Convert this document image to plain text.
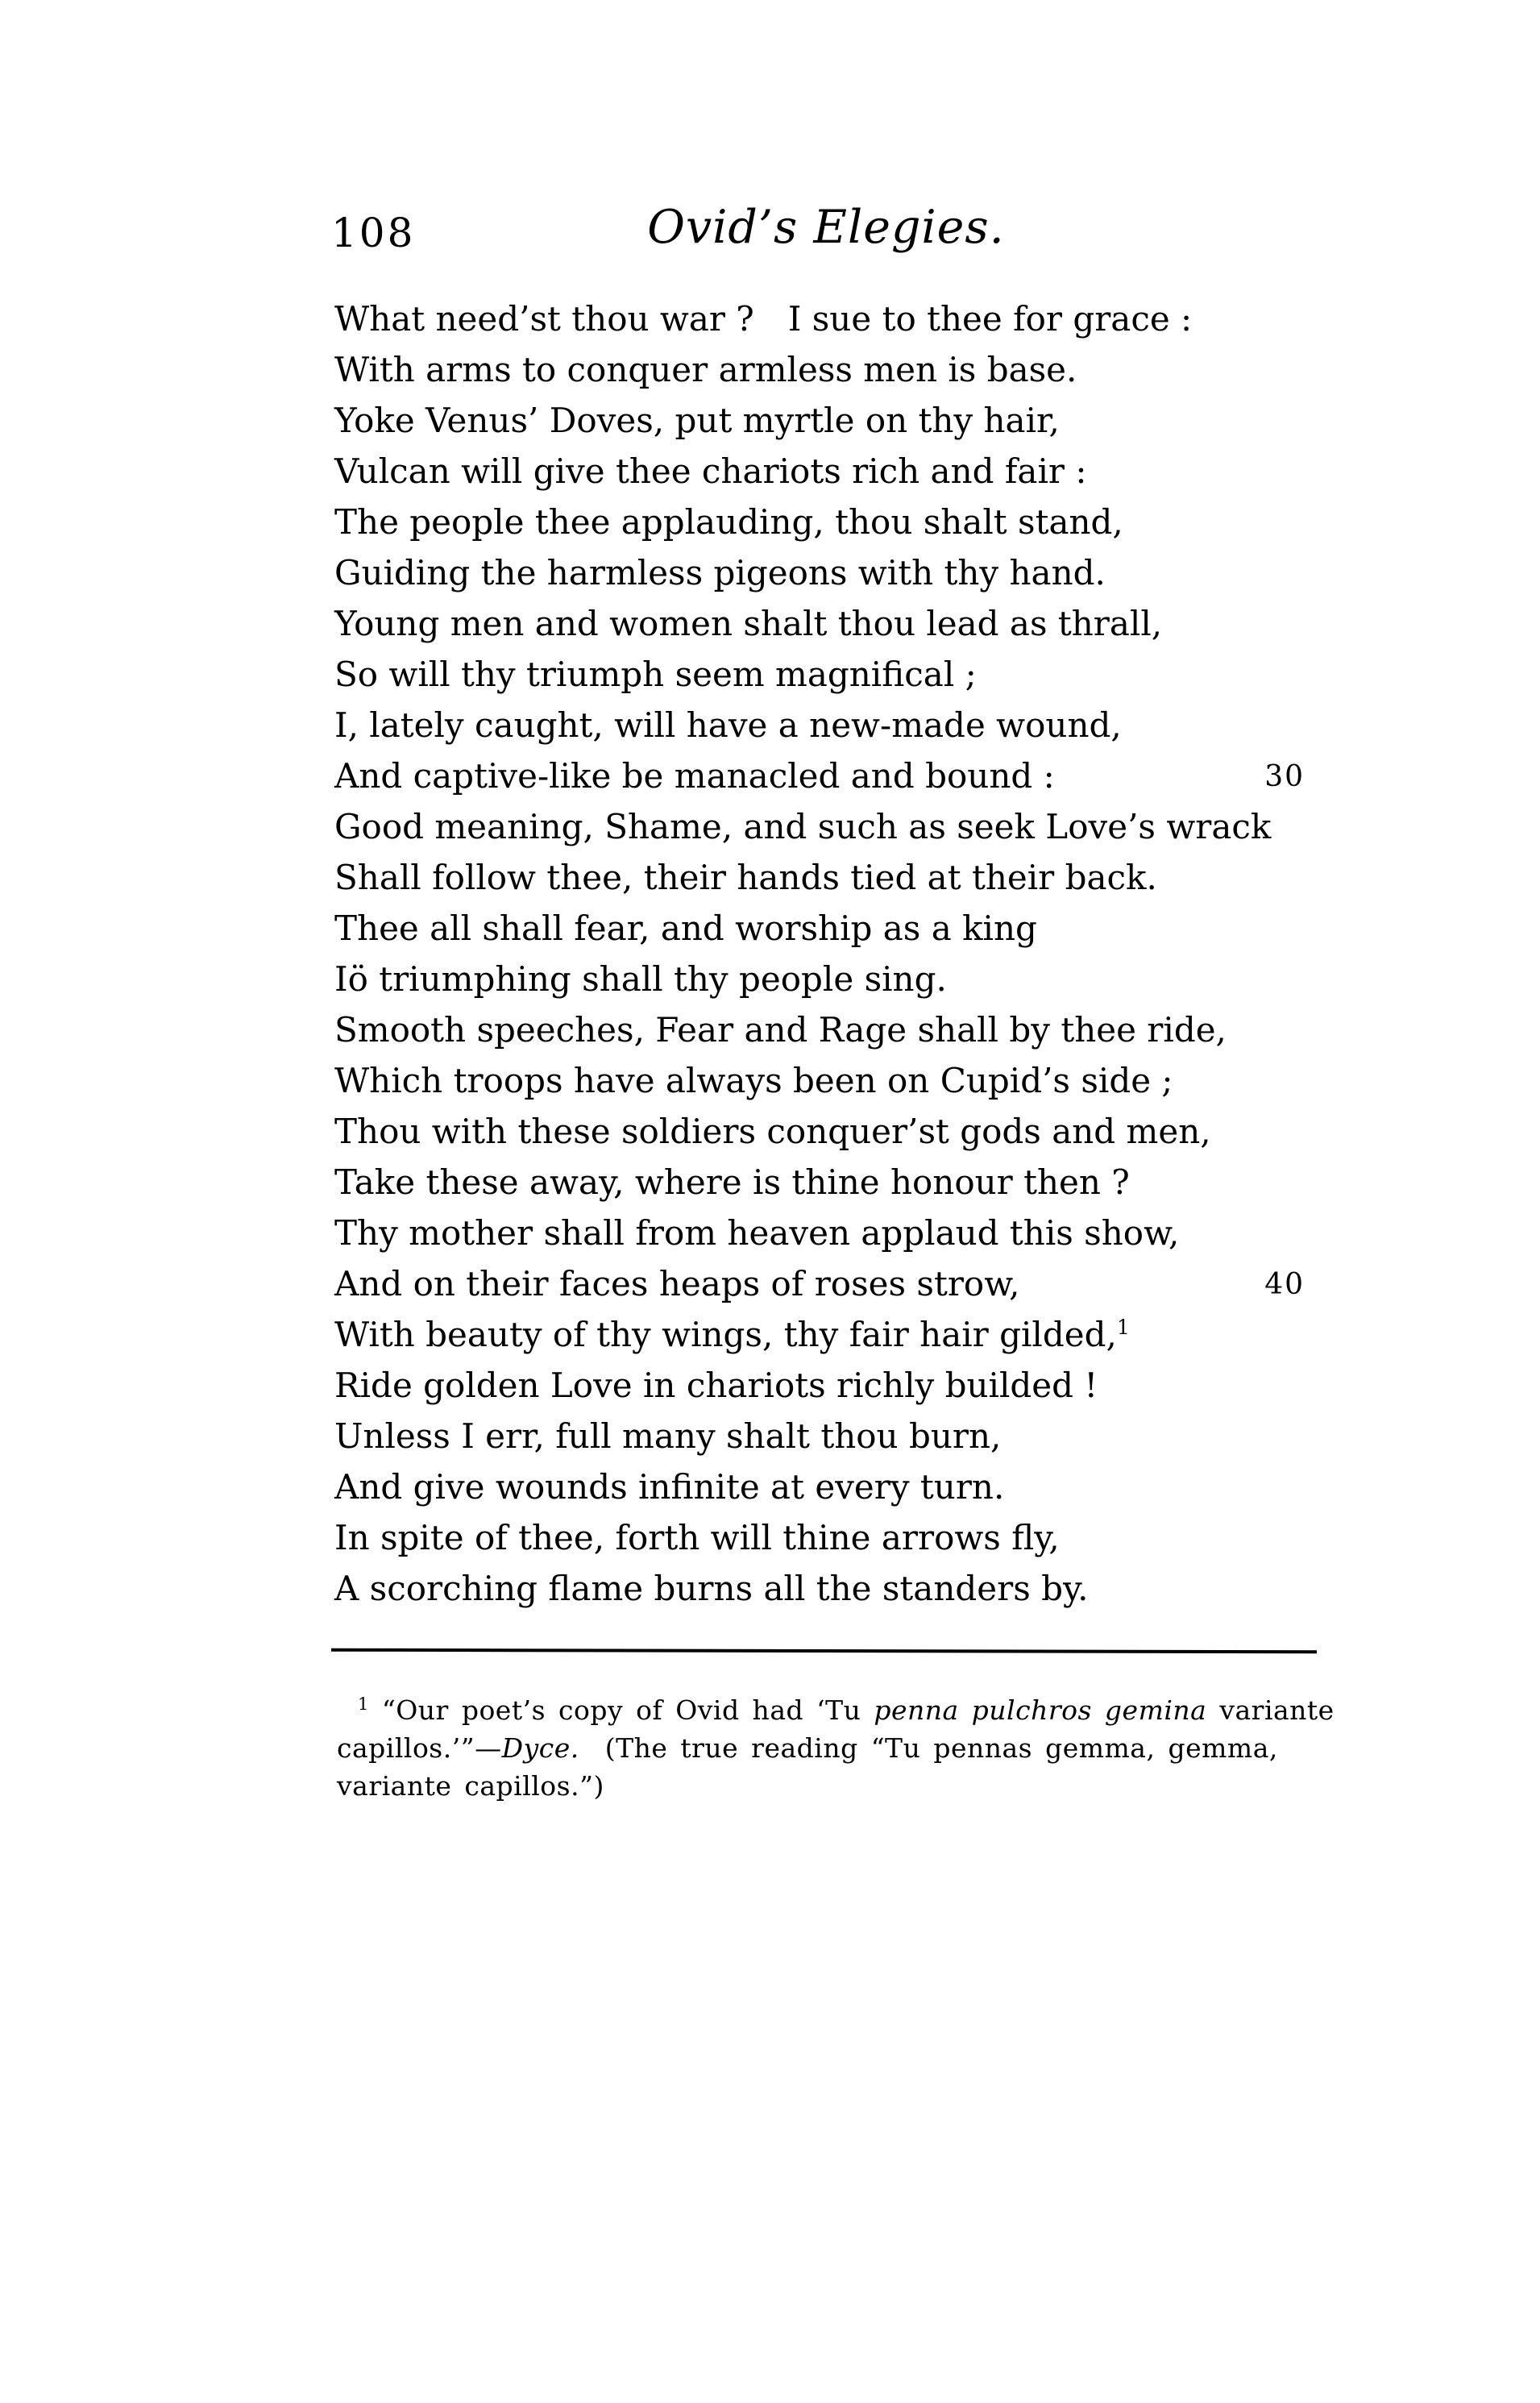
108	Ovid’s Elegies.
What need’st thou war ?  I sue to thee for grace :
With arms to conquer armless men is base.
Yoke Venus’ Doves, put myrtle on thy hair,
Vulcan will give thee chariots rich and fair :
The people thee applauding, thou shalt stand,
Guiding the harmless pigeons with thy hand.
Young men and women shalt thou lead as thrall,
So will thy triumph seem magnifical ;
I, lately caught, will have a new-made wound,
And captive-like be manacled and bound :	30
Good meaning, Shame, and such as seek Love’s wrack
Shall follow thee, their hands tied at their back.
Thee all shall fear, and worship as a king
Iö triumphing shall thy people sing.
Smooth speeches, Fear and Rage shall by thee ride,
Which troops have always been on Cupid’s side ;
Thou with these soldiers conquer’st gods and men,
Take these away, where is thine honour then ?
Thy mother shall from heaven applaud this show,
And on their faces heaps of roses strow,	40
With beauty of thy wings, thy fair hair gilded,$^1$
Ride golden Love in chariots richly builded !
Unless I err, full many shalt thou burn,
And give wounds infinite at every turn.
In spite of thee, forth will thine arrows fly,
A scorching flame burns all the standers by.
$^1$ “Our poet’s copy of Ovid had ‘Tu penna pulchros gemina variante
capillos.’”—Dyce.  (The true reading “Tu pennas gemma, gemma,
variante capillos.”)
